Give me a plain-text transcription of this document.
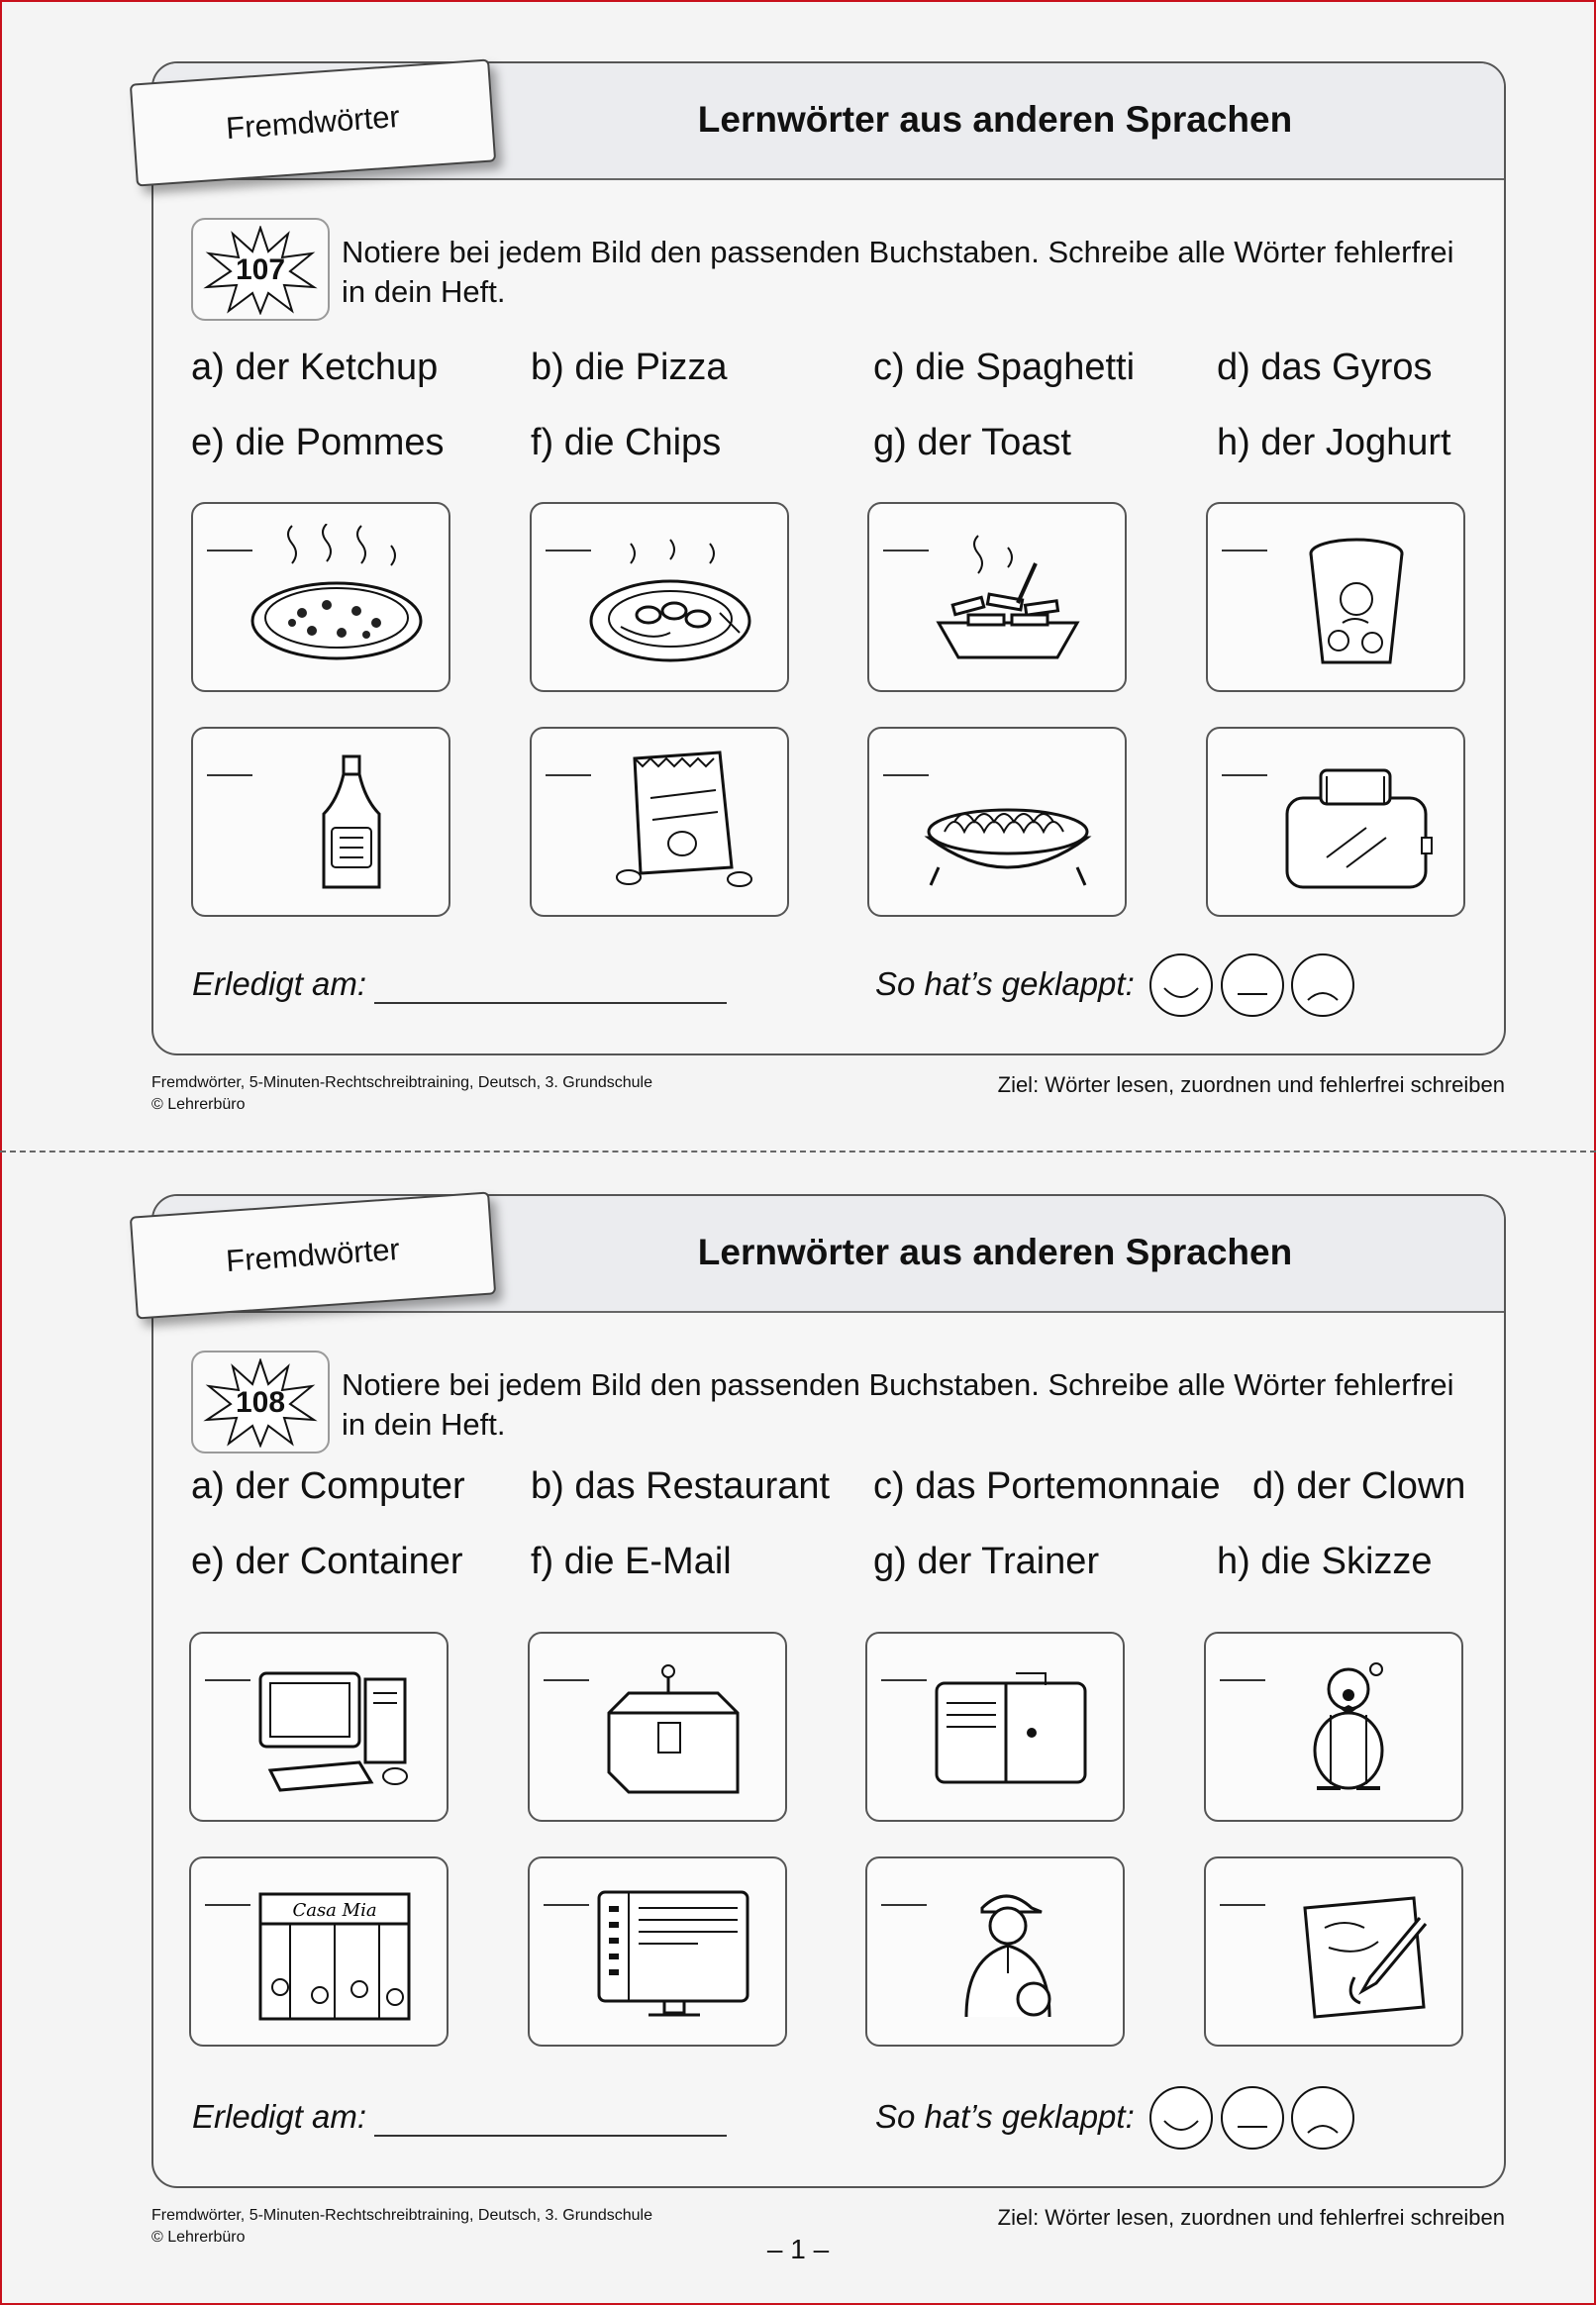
Lernwörter aus anderen Sprachen
Fremdwörter
107
Notiere bei jedem Bild den passenden Buchstaben. Schreibe alle Wörter fehlerfrei in dein Heft.
a) der Ketchup b) die Pizza	c) die Spaghetti d) das Gyros
e) die Pommes f) die Chips	g) der Toast	h) der Joghurt
Erledigt am:	So hat’s geklappt:
Fremdwörter, 5-Minuten-Rechtschreibtraining, Deutsch, 3. Grundschule
© Lehrerbüro
Ziel: Wörter lesen, zuordnen und fehlerfrei schreiben
Lernwörter aus anderen Sprachen
Fremdwörter
108
Notiere bei jedem Bild den passenden Buchstaben. Schreibe alle Wörter fehlerfrei in dein Heft.
a) der Computer b) das Restaurant c) das Portemonnaie d) der Clown
e) der Container f) die E-Mail	g) der Trainer	h) die Skizze
Casa Mia
Erledigt am:	So hat’s geklappt:
Fremdwörter, 5-Minuten-Rechtschreibtraining, Deutsch, 3. Grundschule
© Lehrerbüro
Ziel: Wörter lesen, zuordnen und fehlerfrei schreiben
– 1 –
